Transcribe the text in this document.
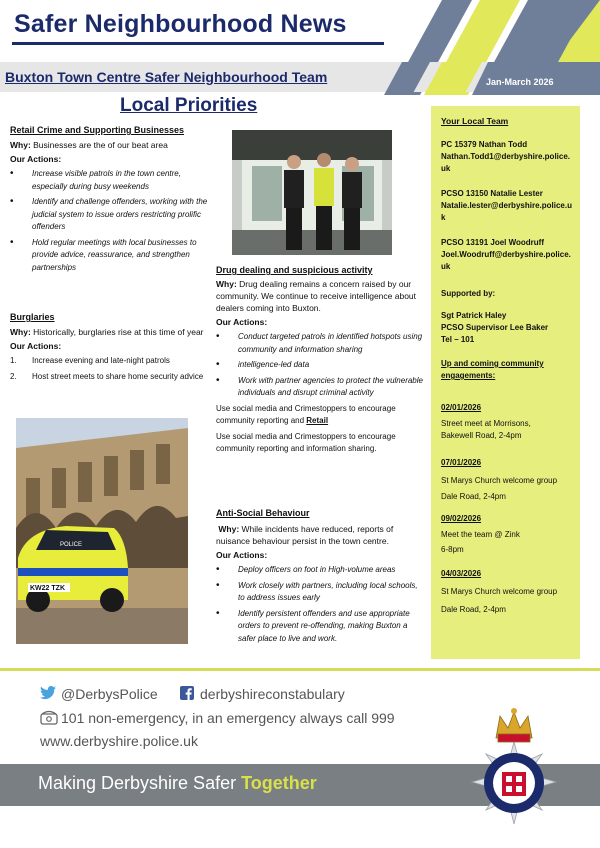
Safer Neighbourhood News
Buxton Town Centre Safer Neighbourhood Team	Jan-March 2026
Local Priorities
Retail Crime and Supporting Businesses
Why: Businesses are the of our beat area
Our Actions:
• Increase visible patrols in the town centre, especially during busy weekends
• Identify and challenge offenders, working with the judicial system to issue orders restricting prolific offenders
• Hold regular meetings with local businesses to provide advice, reassurance, and strengthen partnerships
Burglaries
Why: Historically, burglaries rise at this time of year
Our Actions:
1. Increase evening and late-night patrols
2. Host street meets to share home security advice
Drug dealing and suspicious activity
Why: Drug dealing remains a concern raised by our community. We continue to receive intelligence about dealers coming into Buxton.
Our Actions:
• Conduct targeted patrols in identified hotspots using community and information sharing
• intelligence-led data
• Work with partner agencies to protect the vulnerable individuals and disrupt criminal activity
Use social media and Crimestoppers to encourage community reporting and Retail
Use social media and Crimestoppers to encourage community reporting and information sharing.
Anti-Social Behaviour
Why: While incidents have reduced, reports of nuisance behaviour persist in the town centre.
Our Actions:
• Deploy officers on foot in High-volume areas
• Work closely with partners, including local schools, to address issues early
• Identify persistent offenders and use appropriate orders to prevent re-offending, making Buxton a safer place to live and work.
POLICE
KW22 TZK
Your Local Team
PC 15379 Nathan Todd
Nathan.Todd1@derbyshire.police.uk
PCSO 13150 Natalie Lester
Natalie.lester@derbyshire.police.uk
PCSO 13191 Joel Woodruff
Joel.Woodruff@derbyshire.police.uk
Supported by:
Sgt Patrick Haley
PCSO Supervisor Lee Baker
Tel – 101
Up and coming community engagements:
02/01/2026
Street meet at Morrisons,
Bakewell Road, 2-4pm
07/01/2026
St Marys Church welcome group
Dale Road, 2-4pm
09/02/2026
Meet the team @ Zink
6-8pm
04/03/2026
St Marys Church welcome group
Dale Road, 2-4pm
@DerbysPolice	derbyshireconstabulary
101 non-emergency, in an emergency always call 999
www.derbyshire.police.uk
Making Derbyshire Safer Together
